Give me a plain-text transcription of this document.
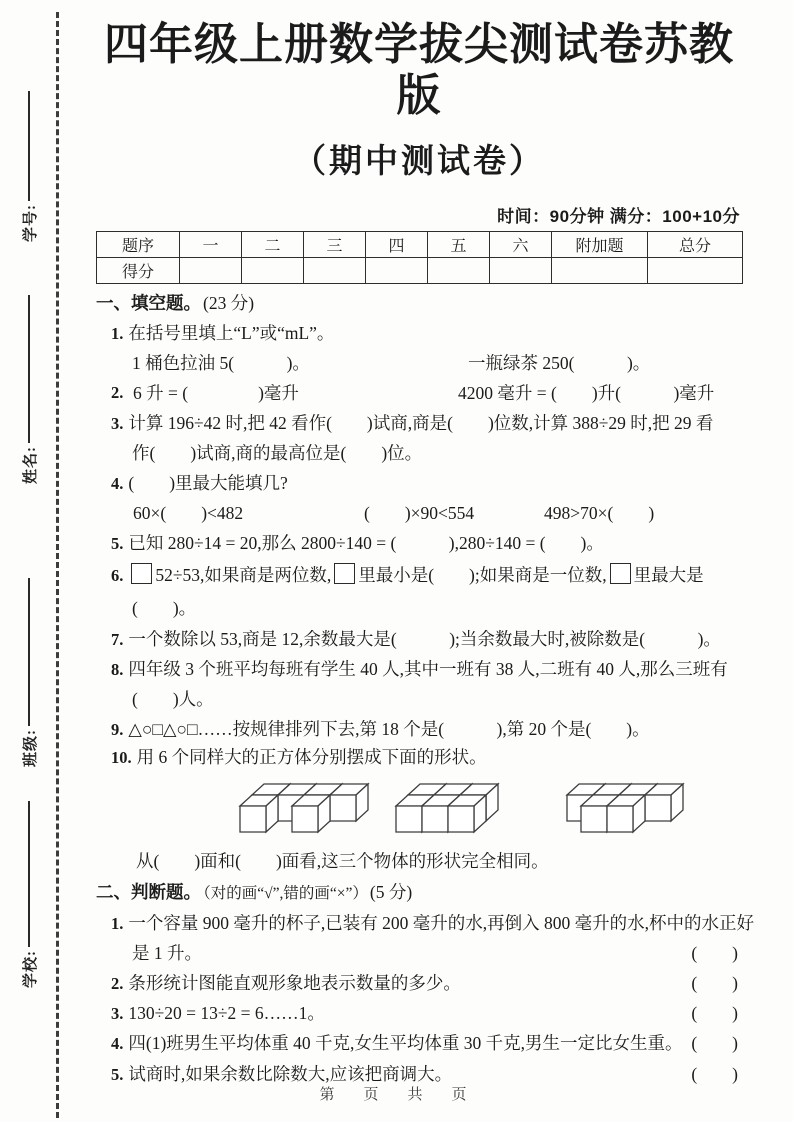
学号:
姓名:
班级:
学校:
四年级上册数学拔尖测试卷苏教版
（期中测试卷）
时间：90分钟 满分：100+10分
题序	一	二	三	四	五	六	附加题	总分
得分								
一、填空题。 (23 分)
1. 在括号里填上“L”或“mL”。
1 桶色拉油 5(　　　)。	一瓶绿茶 250(　　　)。
2. 6 升 = (　　　　)毫升	4200 毫升 = (　　)升(　　　)毫升
3. 计算 196÷42 时,把 42 看作(　　)试商,商是(　　)位数,计算 388÷29 时,把 29 看
作(　　)试商,商的最高位是(　　)位。
4. (　　)里最大能填几?
60×(　　)<482	(　　)×90<554	498>70×(　　)
5. 已知 280÷14 = 20,那么 2800÷140 = (　　　),280÷140 = (　　)。
6. 52÷53,如果商是两位数, 里最小是(　　);如果商是一位数, 里最大是
(　　)。
7. 一个数除以 53,商是 12,余数最大是(　　　);当余数最大时,被除数是(　　　)。
8. 四年级 3 个班平均每班有学生 40 人,其中一班有 38 人,二班有 40 人,那么三班有
(　　)人。
9. △○□△○□……按规律排列下去,第 18 个是(　　　),第 20 个是(　　)。
10. 用 6 个同样大的正方体分别摆成下面的形状。
从(　　)面和(　　)面看,这三个物体的形状完全相同。
二、判断题。 （对的画“√”,错的画“×”） (5 分)
1. 一个容量 900 毫升的杯子,已装有 200 毫升的水,再倒入 800 毫升的水,杯中的水正好
是 1 升。	(　　)
2. 条形统计图能直观形象地表示数量的多少。	(　　)
3. 130÷20 = 13÷2 = 6……1。	(　　)
4. 四(1)班男生平均体重 40 千克,女生平均体重 30 千克,男生一定比女生重。 (　　)
5. 试商时,如果余数比除数大,应该把商调大。	(　　)
第　页　共　页
